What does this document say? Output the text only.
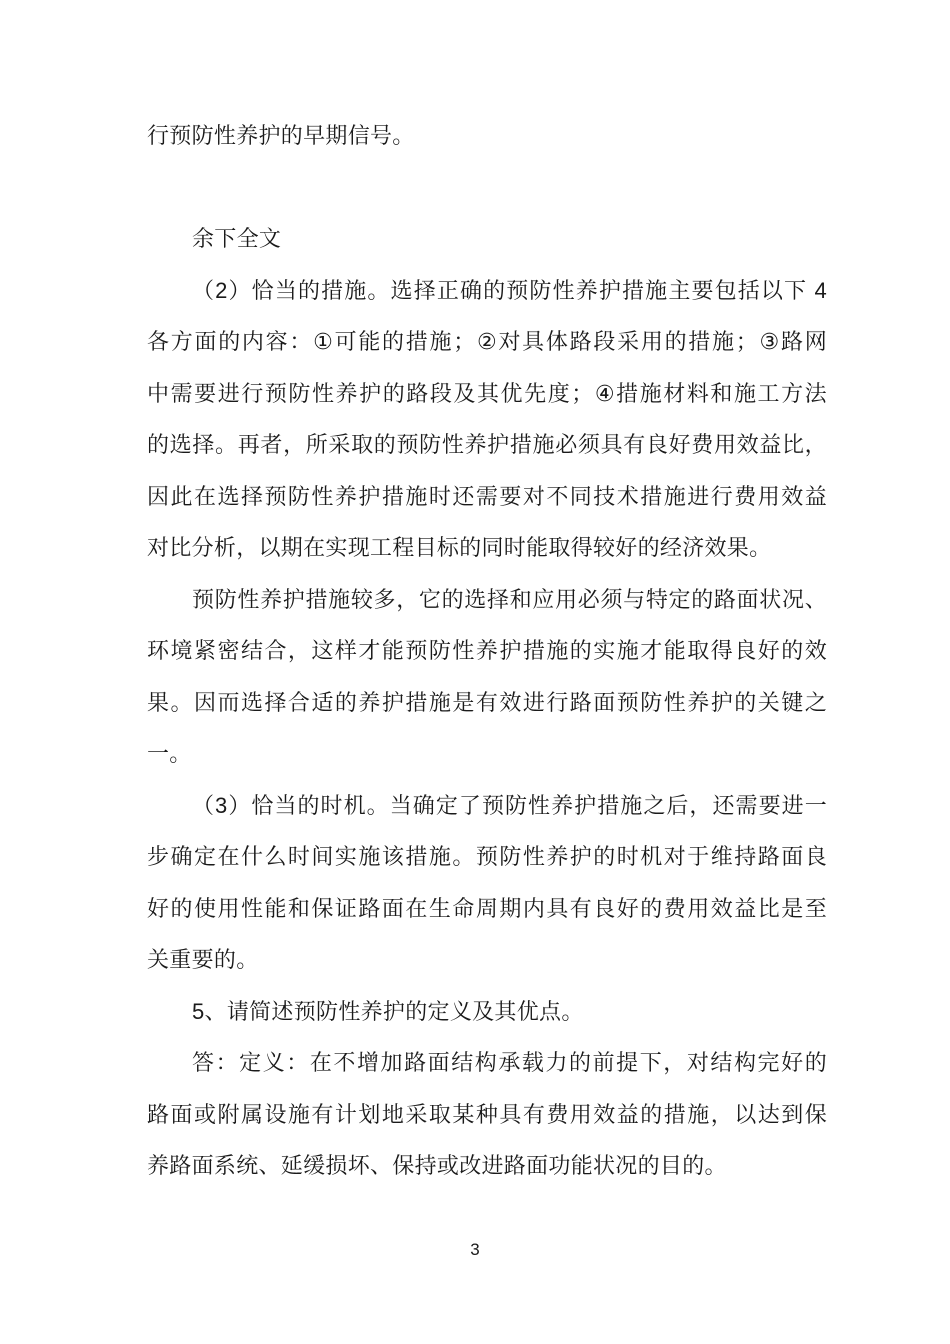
行预防性养护的早期信号。
余下全文
（2）恰当的措施。选择正确的预防性养护措施主要包括以下 4
各方面的内容：①可能的措施；②对具体路段采用的措施；③路网
中需要进行预防性养护的路段及其优先度；④措施材料和施工方法
的选择。再者，所采取的预防性养护措施必须具有良好费用效益比，
因此在选择预防性养护措施时还需要对不同技术措施进行费用效益
对比分析，以期在实现工程目标的同时能取得较好的经济效果。
预防性养护措施较多，它的选择和应用必须与特定的路面状况、
环境紧密结合，这样才能预防性养护措施的实施才能取得良好的效
果。因而选择合适的养护措施是有效进行路面预防性养护的关键之
一。
（3）恰当的时机。当确定了预防性养护措施之后，还需要进一
步确定在什么时间实施该措施。预防性养护的时机对于维持路面良
好的使用性能和保证路面在生命周期内具有良好的费用效益比是至
关重要的。
5、请简述预防性养护的定义及其优点。
答：定义：在不增加路面结构承载力的前提下，对结构完好的
路面或附属设施有计划地采取某种具有费用效益的措施，以达到保
养路面系统、延缓损坏、保持或改进路面功能状况的目的。
3
